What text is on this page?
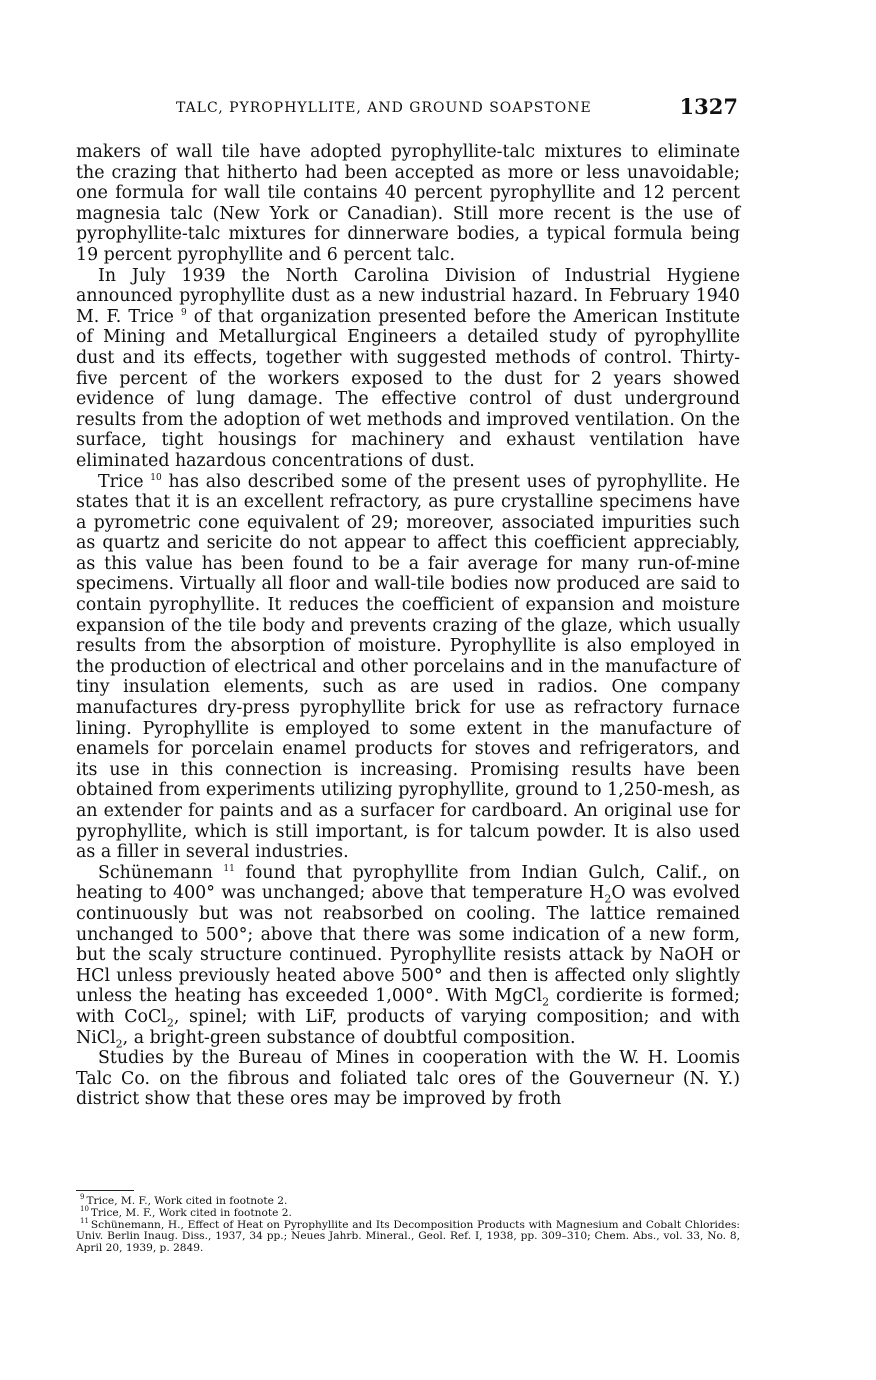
TALC, PYROPHYLLITE, AND GROUND SOAPSTONE	1327

makers of wall tile have adopted pyrophyllite-talc mixtures to eliminate the crazing that hitherto had been accepted as more or less unavoidable; one formula for wall tile contains 40 percent pyrophyllite and 12 percent magnesia talc (New York or Canadian). Still more recent is the use of pyrophyllite-talc mixtures for dinnerware bodies, a typical formula being 19 percent pyrophyllite and 6 percent talc.

In July 1939 the North Carolina Division of Industrial Hygiene announced pyrophyllite dust as a new industrial hazard. In February 1940 M. F. Trice $^9$ of that organization presented before the American Institute of Mining and Metallurgical Engineers a detailed study of pyrophyllite dust and its effects, together with suggested methods of control. Thirty-five percent of the workers exposed to the dust for 2 years showed evidence of lung damage. The effective control of dust underground results from the adoption of wet methods and improved ventilation. On the surface, tight housings for machinery and exhaust ventilation have eliminated hazardous concentrations of dust.

Trice $^{10}$ has also described some of the present uses of pyrophyllite. He states that it is an excellent refractory, as pure crystalline specimens have a pyrometric cone equivalent of 29; moreover, associated impurities such as quartz and sericite do not appear to affect this coefficient appreciably, as this value has been found to be a fair average for many run-of-mine specimens. Virtually all floor and wall-tile bodies now produced are said to contain pyrophyllite. It reduces the coefficient of expansion and moisture expansion of the tile body and prevents crazing of the glaze, which usually results from the absorption of moisture. Pyrophyllite is also employed in the production of electrical and other porcelains and in the manufacture of tiny insulation elements, such as are used in radios. One company manufactures dry-press pyrophyllite brick for use as refractory furnace lining. Pyrophyllite is employed to some extent in the manufacture of enamels for porcelain enamel products for stoves and refrigerators, and its use in this connection is increasing. Promising results have been obtained from experiments utilizing pyrophyllite, ground to 1,250-mesh, as an extender for paints and as a surfacer for cardboard. An original use for pyrophyllite, which is still important, is for talcum powder. It is also used as a filler in several industries.

Schünemann $^{11}$ found that pyrophyllite from Indian Gulch, Calif., on heating to 400° was unchanged; above that temperature $H_2O$ was evolved continuously but was not reabsorbed on cooling. The lattice remained unchanged to 500°; above that there was some indication of a new form, but the scaly structure continued. Pyrophyllite resists attack by NaOH or HCl unless previously heated above 500° and then is affected only slightly unless the heating has exceeded 1,000°. With MgCl$_2$ cordierite is formed; with CoCl$_2$, spinel; with LiF, products of varying composition; and with NiCl$_2$, a bright-green substance of doubtful composition.

Studies by the Bureau of Mines in cooperation with the W. H. Loomis Talc Co. on the fibrous and foliated talc ores of the Gouverneur (N. Y.) district show that these ores may be improved by froth

$^9$ Trice, M. F., Work cited in footnote 2.

$^{10}$ Trice, M. F., Work cited in footnote 2.

$^{11}$ Schünemann, H., Effect of Heat on Pyrophyllite and Its Decomposition Products with Magnesium and Cobalt Chlorides: Univ. Berlin Inaug. Diss., 1937, 34 pp.; Neues Jahrb. Mineral., Geol. Ref. I, 1938, pp. 309–310; Chem. Abs., vol. 33, No. 8, April 20, 1939, p. 2849.
